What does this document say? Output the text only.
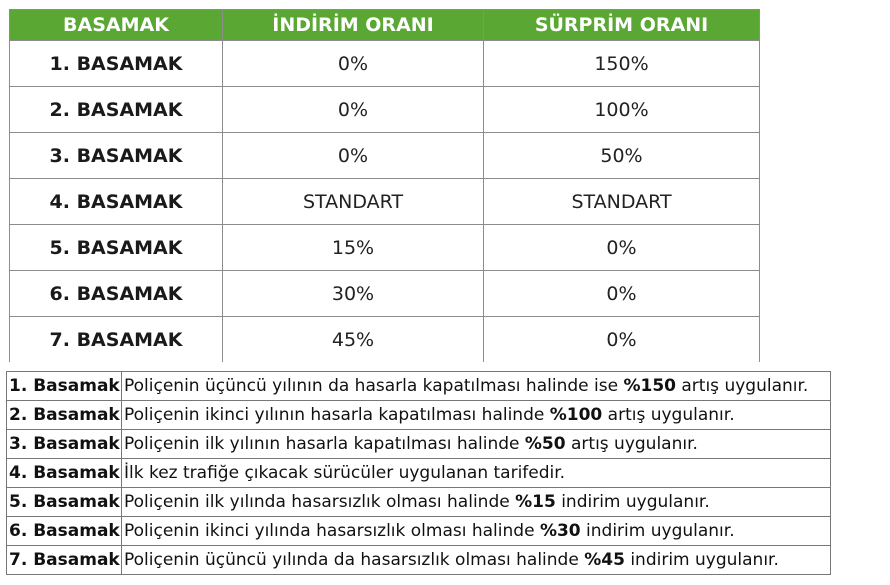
BASAMAK	İNDİRİM ORANI	SÜRPRİM ORANI
1. BASAMAK	0%	150%
2. BASAMAK	0%	100%
3. BASAMAK	0%	50%
4. BASAMAK	STANDART	STANDART
5. BASAMAK	15%	0%
6. BASAMAK	30%	0%
7. BASAMAK	45%	0%
1. Basamak	Poliçenin üçüncü yılının da hasarla kapatılması halinde ise %150 artış uygulanır.
2. Basamak	Poliçenin ikinci yılının hasarla kapatılması halinde %100 artış uygulanır.
3. Basamak	Poliçenin ilk yılının hasarla kapatılması halinde %50 artış uygulanır.
4. Basamak	İlk kez trafiğe çıkacak sürücüler uygulanan tarifedir.
5. Basamak	Poliçenin ilk yılında hasarsızlık olması halinde %15 indirim uygulanır.
6. Basamak	Poliçenin ikinci yılında hasarsızlık olması halinde %30 indirim uygulanır.
7. Basamak	Poliçenin üçüncü yılında da hasarsızlık olması halinde %45 indirim uygulanır.
